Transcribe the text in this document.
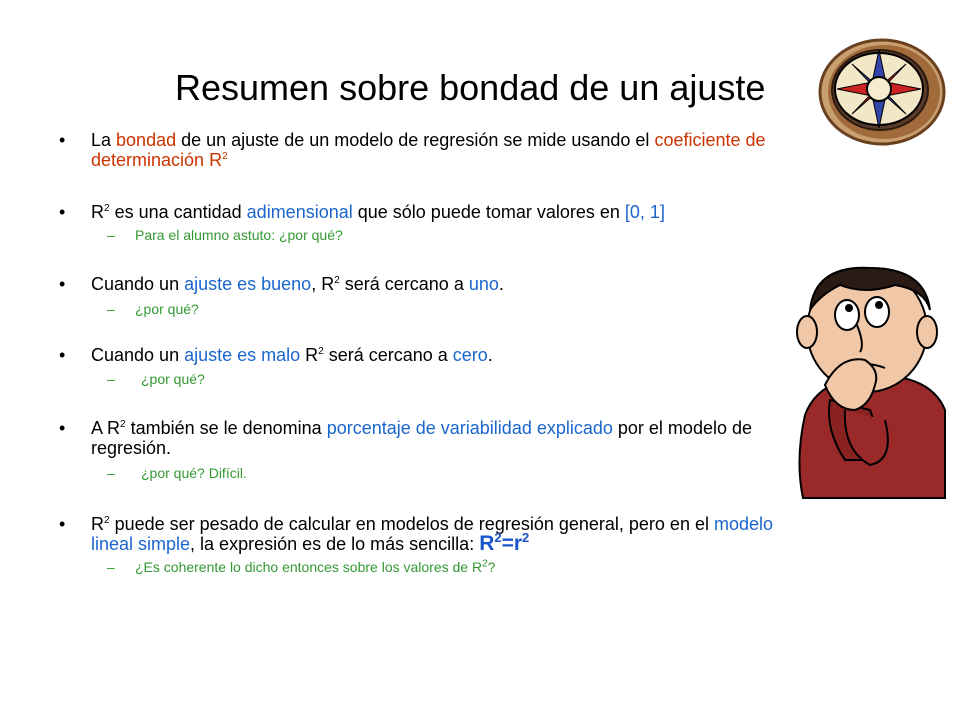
Resumen sobre bondad de un ajuste
• La bondad de un ajuste de un modelo de regresión se mide usando el coeficiente de determinación $R^2$
• $R^2$ es una cantidad adimensional que sólo puede tomar valores en [0, 1]
– Para el alumno astuto: ¿por qué?
• Cuando un ajuste es bueno, $R^2$ será cercano a uno.
– ¿por qué?
• Cuando un ajuste es malo $R^2$ será cercano a cero.
– ¿por qué?
• A $R^2$ también se le denomina porcentaje de variabilidad explicado por el modelo de regresión.
– ¿por qué? Difícil.
• $R^2$ puede ser pesado de calcular en modelos de regresión general, pero en el modelo lineal simple, la expresión es de lo más sencilla: $R^2=r^2$
– ¿Es coherente lo dicho entonces sobre los valores de $R^2$?
